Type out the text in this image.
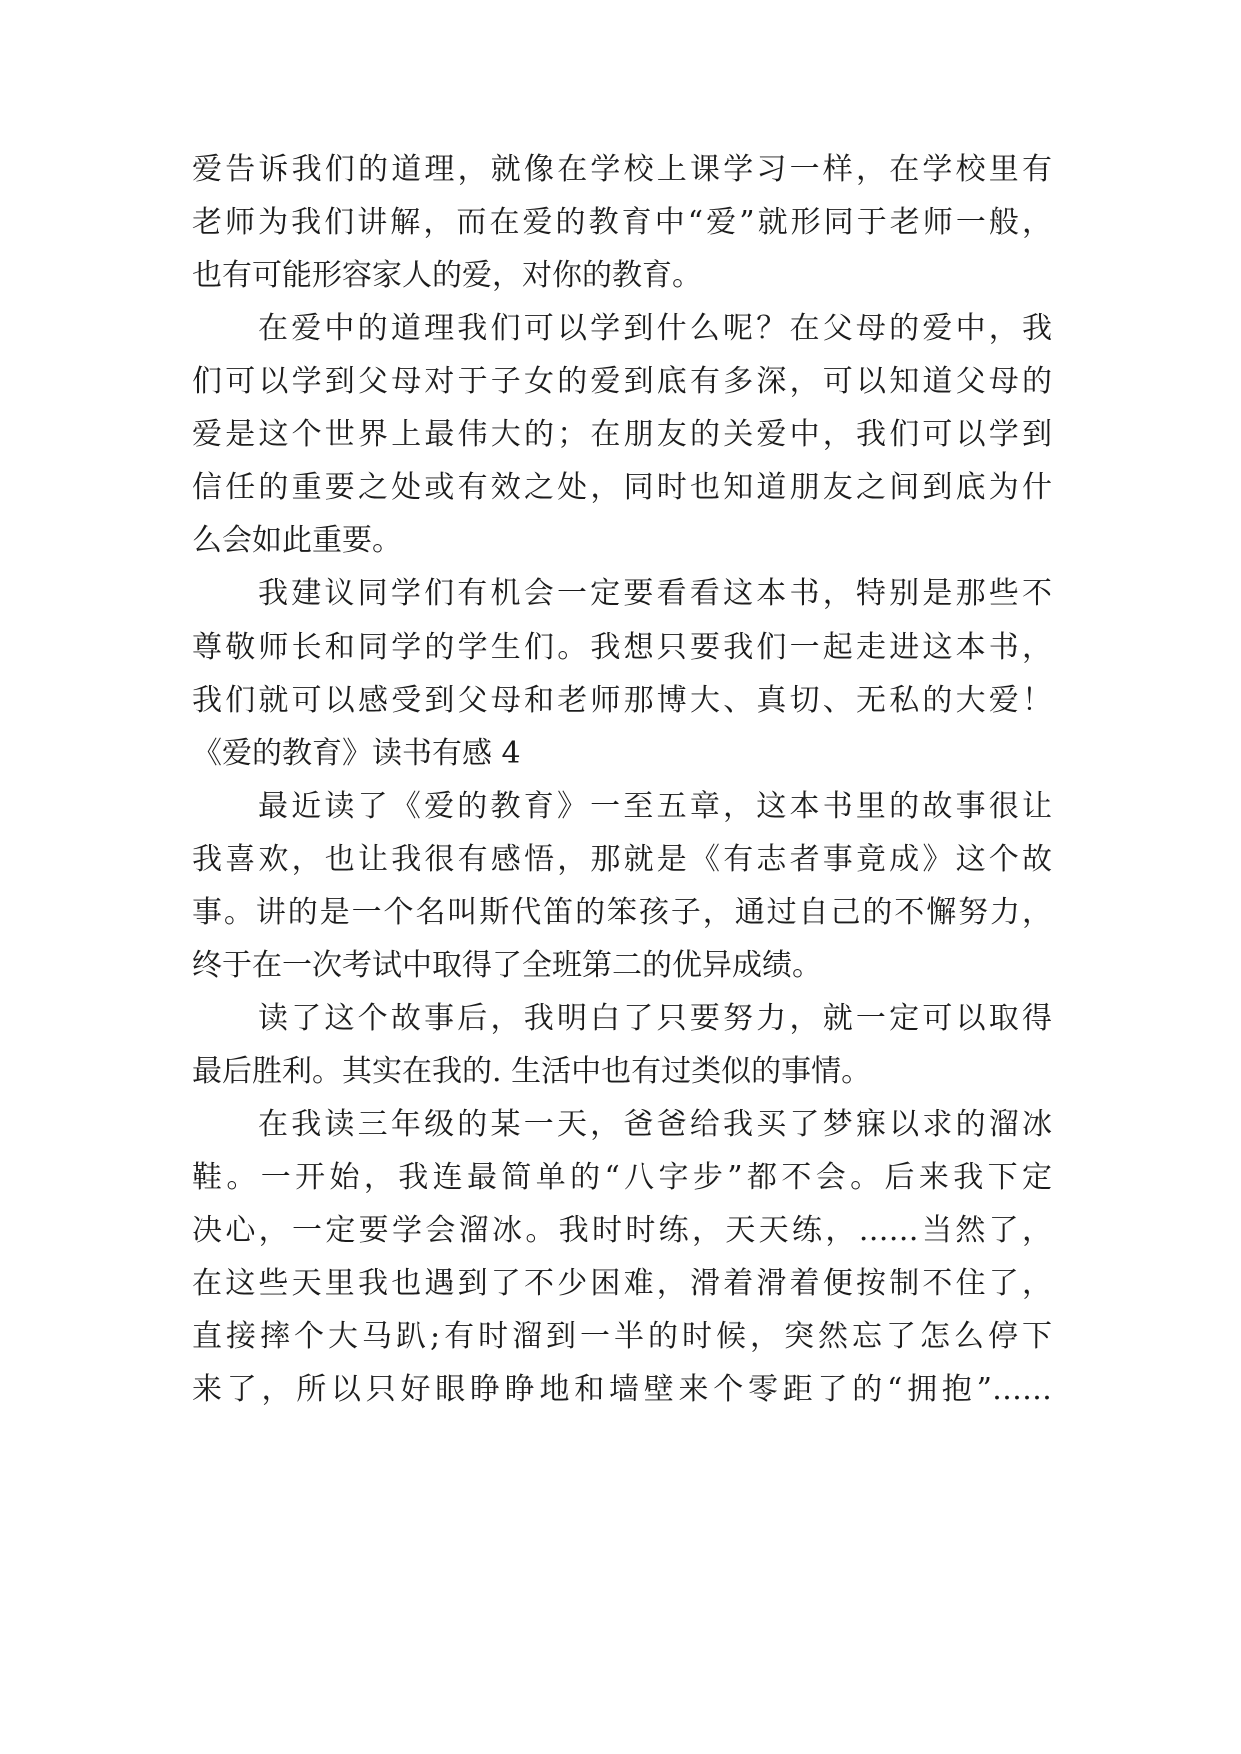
爱告诉我们的道理，就像在学校上课学习一样，在学校里有
老师为我们讲解，而在爱的教育中“爱”就形同于老师一般，
也有可能形容家人的爱，对你的教育。
在爱中的道理我们可以学到什么呢？在父母的爱中，我
们可以学到父母对于子女的爱到底有多深，可以知道父母的
爱是这个世界上最伟大的；在朋友的关爱中，我们可以学到
信任的重要之处或有效之处，同时也知道朋友之间到底为什
么会如此重要。
我建议同学们有机会一定要看看这本书，特别是那些不
尊敬师长和同学的学生们。我想只要我们一起走进这本书，
我们就可以感受到父母和老师那博大、真切、无私的大爱！
《爱的教育》读书有感 4
最近读了《爱的教育》一至五章，这本书里的故事很让
我喜欢，也让我很有感悟，那就是《有志者事竟成》这个故
事。讲的是一个名叫斯代笛的笨孩子，通过自己的不懈努力，
终于在一次考试中取得了全班第二的优异成绩。
读了这个故事后，我明白了只要努力，就一定可以取得
最后胜利。其实在我的. 生活中也有过类似的事情。
在我读三年级的某一天，爸爸给我买了梦寐以求的溜冰
鞋。一开始，我连最简单的“八字步”都不会。后来我下定
决心，一定要学会溜冰。我时时练，天天练，……当然了，
在这些天里我也遇到了不少困难，滑着滑着便按制不住了，
直接摔个大马趴;有时溜到一半的时候，突然忘了怎么停下
来了，所以只好眼睁睁地和墙壁来个零距了的“拥抱”……
